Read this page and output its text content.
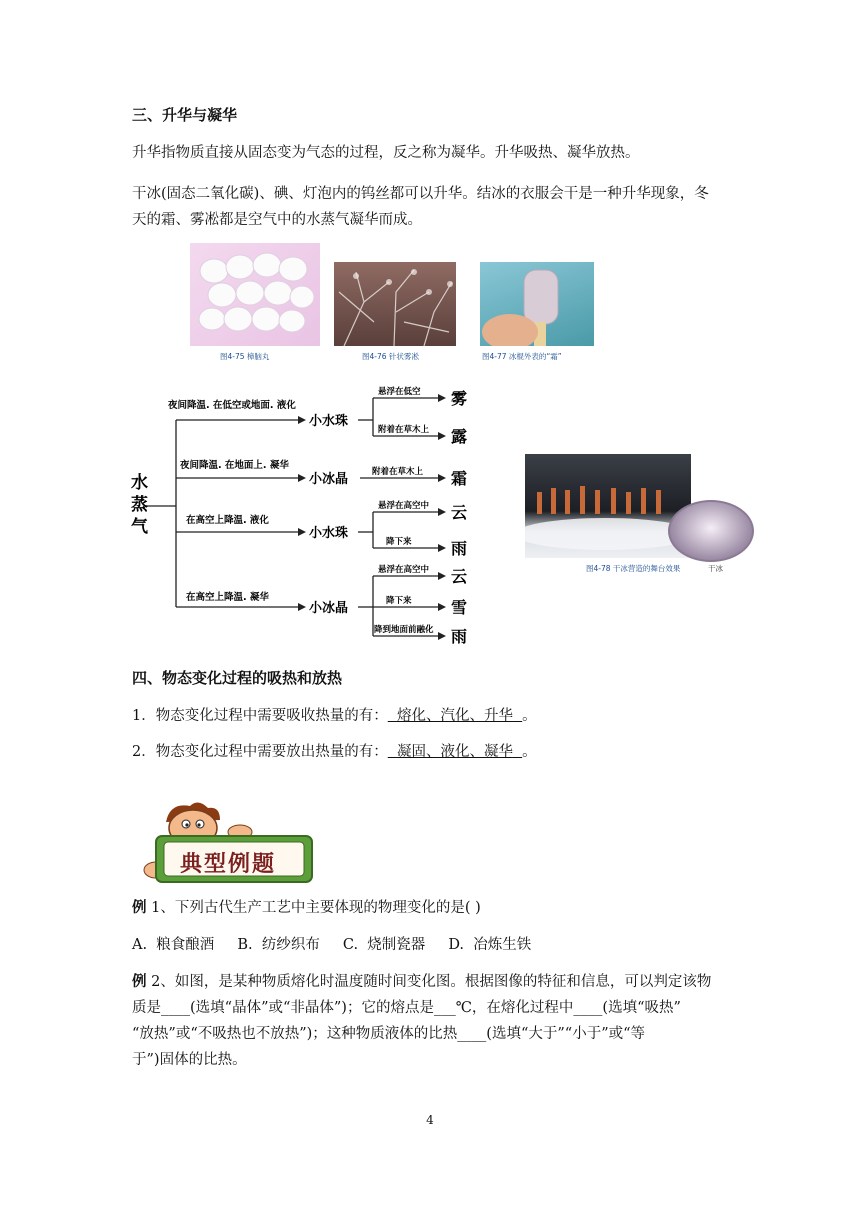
三、升华与凝华
升华指物质直接从固态变为气态的过程，反之称为凝华。升华吸热、凝华放热。
干冰(固态二氧化碳)、碘、灯泡内的钨丝都可以升华。结冰的衣服会干是一种升华现象，冬
天的霜、雾凇都是空气中的水蒸气凝华而成。
图4-75 樟脑丸	图4-76 针状雾凇	图4-77 冰棍外表的“霜”
水 蒸 气
夜间降温. 在低空或地面. 液化
夜间降温. 在地面上. 凝华
在高空上降温. 液化
在高空上降温. 凝华
小水珠
小冰晶
小水珠
小冰晶
悬浮在低空
附着在草木上
附着在草木上
悬浮在高空中
降下来
悬浮在高空中
降下来
降到地面前融化
雾
露
霜
云
雨
云
雪
雨
图4-78 干冰营造的舞台效果	干冰
四、物态变化过程的吸热和放热
1．物态变化过程中需要吸收热量的有： 熔化、汽化、升华 。
2．物态变化过程中需要放出热量的有： 凝固、液化、凝华 。
典型例题
例 1、下列古代生产工艺中主要体现的物理变化的是( )
A.  粮食酿酒     B.  纺纱织布     C.  烧制瓷器     D.  冶炼生铁
例 2、如图，是某种物质熔化时温度随时间变化图。根据图像的特征和信息，可以判定该物
质是____(选填“晶体”或“非晶体”)；它的熔点是___℃，在熔化过程中____(选填“吸热”
“放热”或“不吸热也不放热”)；这种物质液体的比热____(选填“大于”“小于”或“等
于”)固体的比热。
4
